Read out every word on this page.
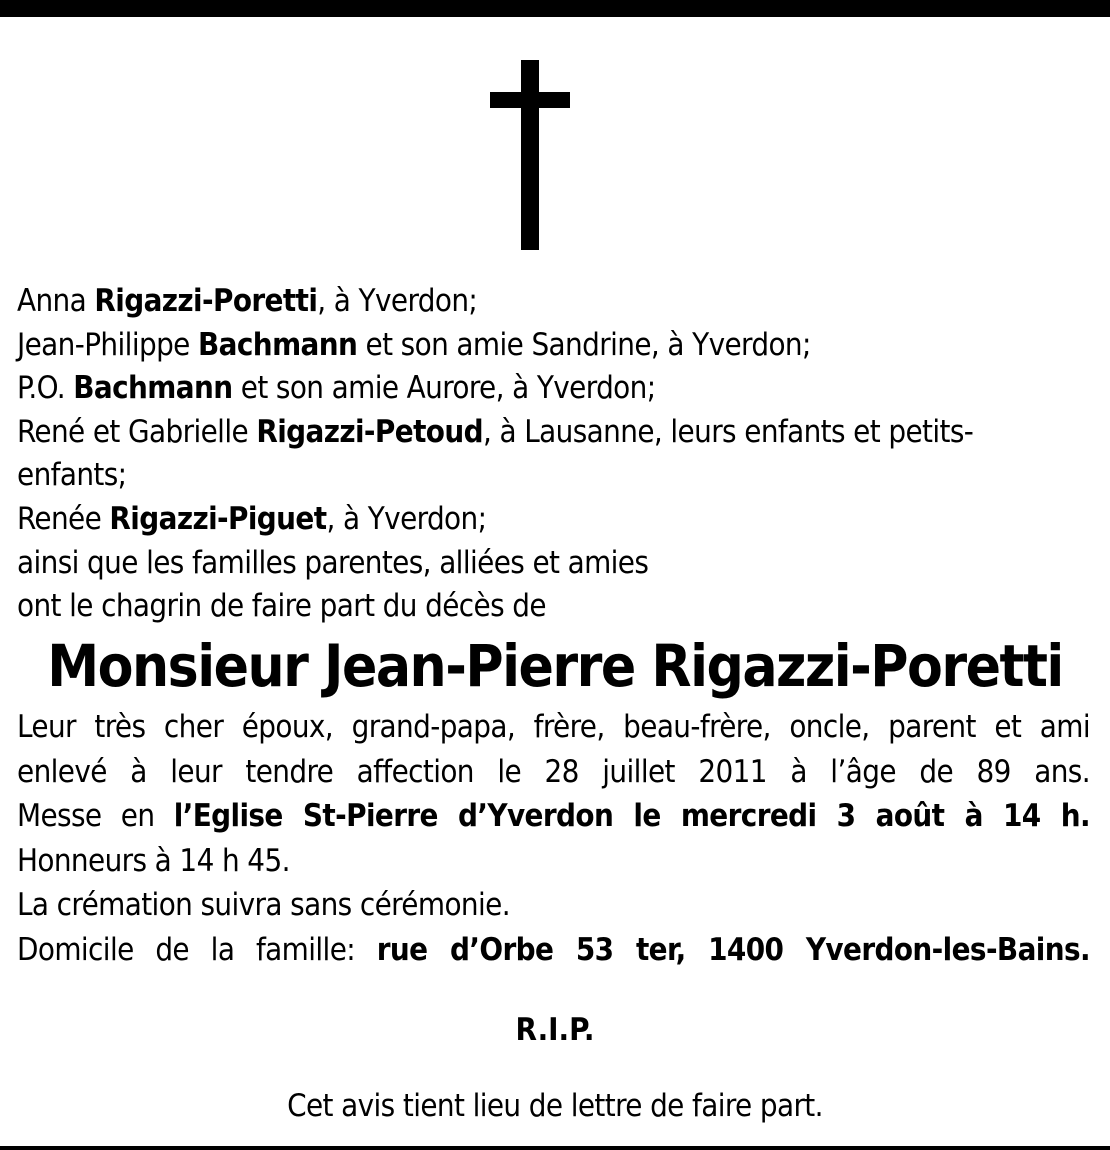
Anna Rigazzi-Poretti, à Yverdon;
Jean-Philippe Bachmann et son amie Sandrine, à Yverdon;
P.O. Bachmann et son amie Aurore, à Yverdon;
René et Gabrielle Rigazzi-Petoud, à Lausanne, leurs enfants et petits-
enfants;
Renée Rigazzi-Piguet, à Yverdon;
ainsi que les familles parentes, alliées et amies
ont le chagrin de faire part du décès de
Monsieur Jean-Pierre Rigazzi-Poretti
Leur très cher époux, grand-papa, frère, beau-frère, oncle, parent et ami
enlevé à leur tendre affection le 28 juillet 2011 à l’âge de 89 ans.
Messe en l’Eglise St-Pierre d’Yverdon le mercredi 3 août à 14 h.
Honneurs à 14 h 45.
La crémation suivra sans cérémonie.
Domicile de la famille: rue d’Orbe 53 ter, 1400 Yverdon-les-Bains.
R.I.P.
Cet avis tient lieu de lettre de faire part.
